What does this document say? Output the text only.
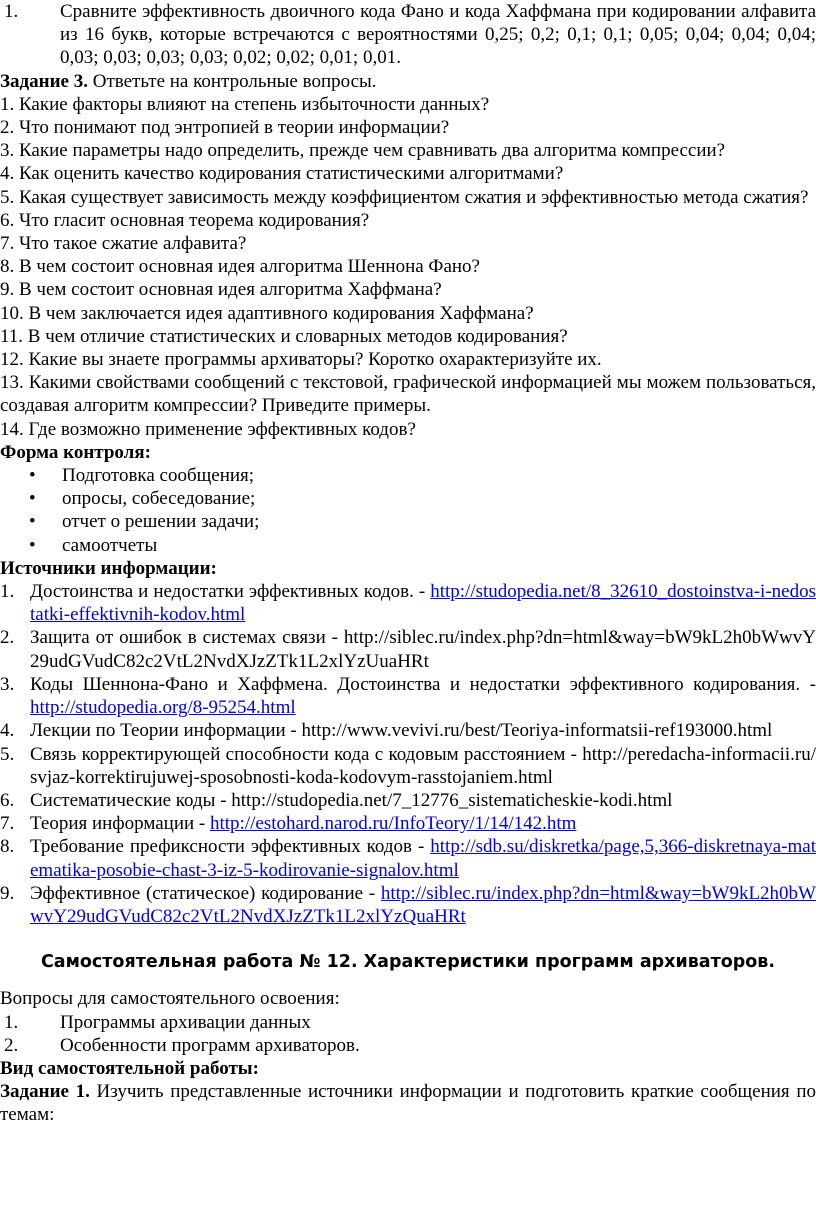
1.	Сравните эффективность двоичного кода Фано и кода Хаффмана при кодировании алфавита из 16 букв, которые встречаются с вероятностями 0,25; 0,2; 0,1; 0,1; 0,05; 0,04; 0,04; 0,04; 0,03; 0,03; 0,03; 0,03; 0,02; 0,02; 0,01; 0,01.

Задание 3. Ответьте на контрольные вопросы.

1. Какие факторы влияют на степень избыточности данных?

2. Что понимают под энтропией в теории информации?

3. Какие параметры надо определить, прежде чем сравнивать два алгоритма компрессии?

4. Как оценить качество кодирования статистическими алгоритмами?

5. Какая существует зависимость между коэффициентом сжатия и эффективностью метода сжатия?

6. Что гласит основная теорема кодирования?

7. Что такое сжатие алфавита?

8. В чем состоит основная идея алгоритма Шеннона Фано?

9. В чем состоит основная идея алгоритма Хаффмана?

10. В чем заключается идея адаптивного кодирования Хаффмана?

11. В чем отличие статистических и словарных методов кодирования?

12. Какие вы знаете программы архиваторы? Коротко охарактеризуйте их.

13. Какими свойствами сообщений с текстовой, графической информацией мы можем пользоваться, создавая алгоритм компрессии? Приведите примеры.

14. Где возможно применение эффективных кодов?

Форма контроля:

•	Подготовка сообщения;
•	опросы, собеседование;
•	отчет о решении задачи;
•	самоотчеты

Источники информации:

1. Достоинства и недостатки эффективных кодов. - http://studopedia.net/8_32610_dostoinstva-i-nedostatki-effektivnih-kodov.html
2. Защита от ошибок в системах связи - http://siblec.ru/index.php?dn=html&way=bW9kL2h0bWwvY29udGVudC82c2VtL2NvdXJzZTk1L2xlYzUuaHRt
3. Коды Шеннона-Фано и Хаффмена. Достоинства и недостатки эффективного кодирования. - http://studopedia.org/8-95254.html
4. Лекции по Теории информации - http://www.vevivi.ru/best/Teoriya-informatsii-ref193000.html
5. Связь корректирующей способности кода с кодовым расстоянием - http://peredacha-informacii.ru/svjaz-korrektirujuwej-sposobnosti-koda-kodovym-rasstojaniem.html
6. Систематические коды - http://studopedia.net/7_12776_sistematicheskie-kodi.html
7. Теория информации - http://estohard.narod.ru/InfoTeory/1/14/142.htm
8. Требование префиксности эффективных кодов - http://sdb.su/diskretka/page,5,366-diskretnaya-matematika-posobie-chast-3-iz-5-kodirovanie-signalov.html
9. Эффективное (статическое) кодирование - http://siblec.ru/index.php?dn=html&way=bW9kL2h0bWwvY29udGVudC82c2VtL2NvdXJzZTk1L2xlYzQuaHRt

Самостоятельная работа № 12. Характеристики программ архиваторов.

Вопросы для самостоятельного освоения:

1.	Программы архивации данных
2.	Особенности программ архиваторов.

Вид самостоятельной работы:

Задание 1. Изучить представленные источники информации и подготовить краткие сообщения по темам:
